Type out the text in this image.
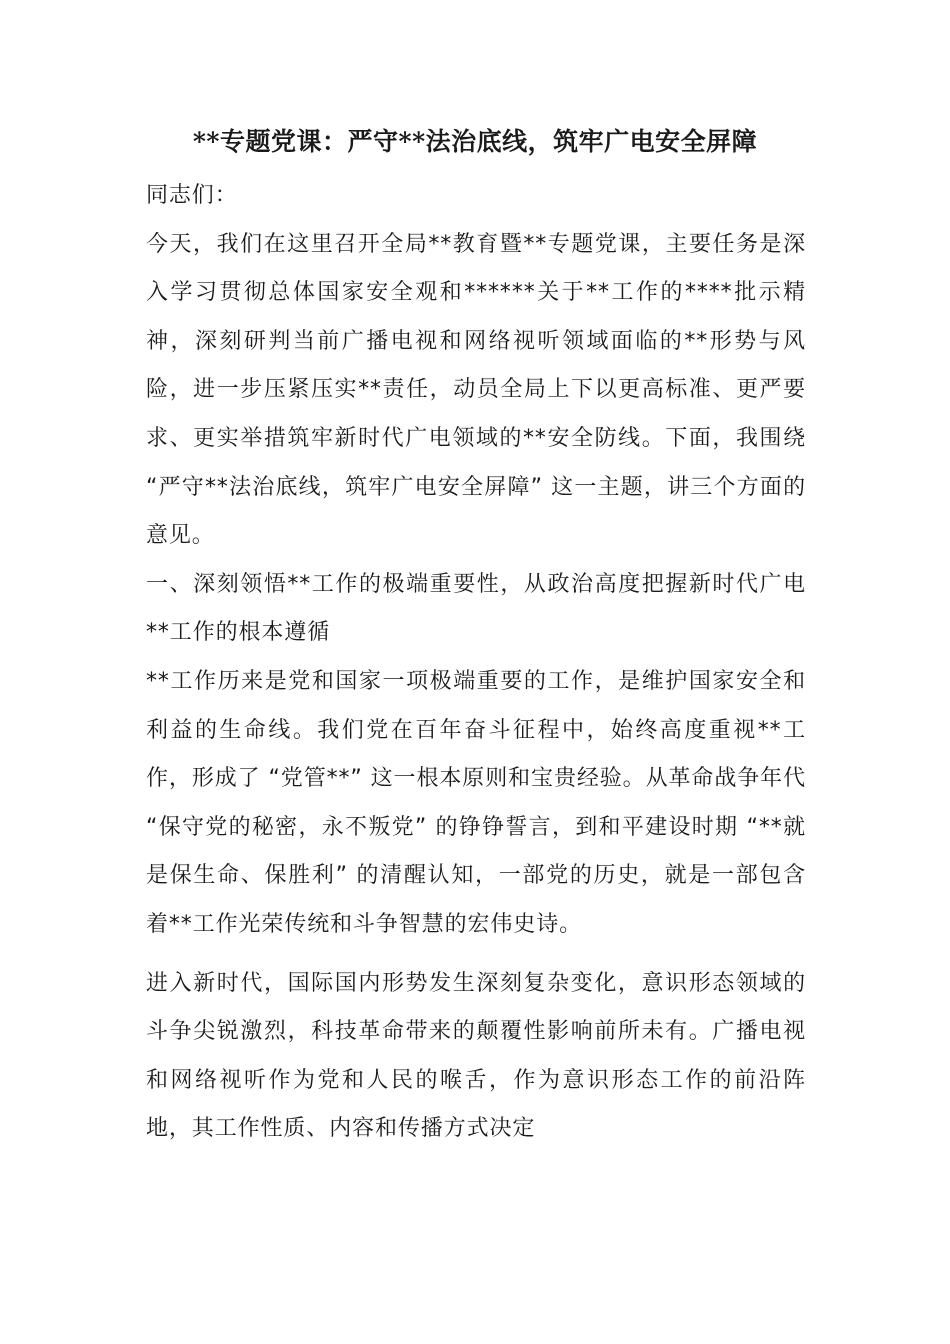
**专题党课：严守**法治底线，筑牢广电安全屏障

同志们：

今天，我们在这里召开全局**教育暨**专题党课，主要任务是深入学习贯彻总体国家安全观和******关于**工作的****批示精神，深刻研判当前广播电视和网络视听领域面临的**形势与风险，进一步压紧压实**责任，动员全局上下以更高标准、更严要求、更实举措筑牢新时代广电领域的**安全防线。下面，我围绕 “严守**法治底线，筑牢广电安全屏障” 这一主题，讲三个方面的意见。

一、深刻领悟**工作的极端重要性，从政治高度把握新时代广电**工作的根本遵循

**工作历来是党和国家一项极端重要的工作，是维护国家安全和利益的生命线。我们党在百年奋斗征程中，始终高度重视**工作，形成了 “党管**” 这一根本原则和宝贵经验。从革命战争年代 “保守党的秘密，永不叛党” 的铮铮誓言，到和平建设时期 “**就是保生命、保胜利” 的清醒认知，一部党的历史，就是一部包含着**工作光荣传统和斗争智慧的宏伟史诗。

进入新时代，国际国内形势发生深刻复杂变化，意识形态领域的斗争尖锐激烈，科技革命带来的颠覆性影响前所未有。广播电视和网络视听作为党和人民的喉舌，作为意识形态工作的前沿阵地，其工作性质、内容和传播方式决定
